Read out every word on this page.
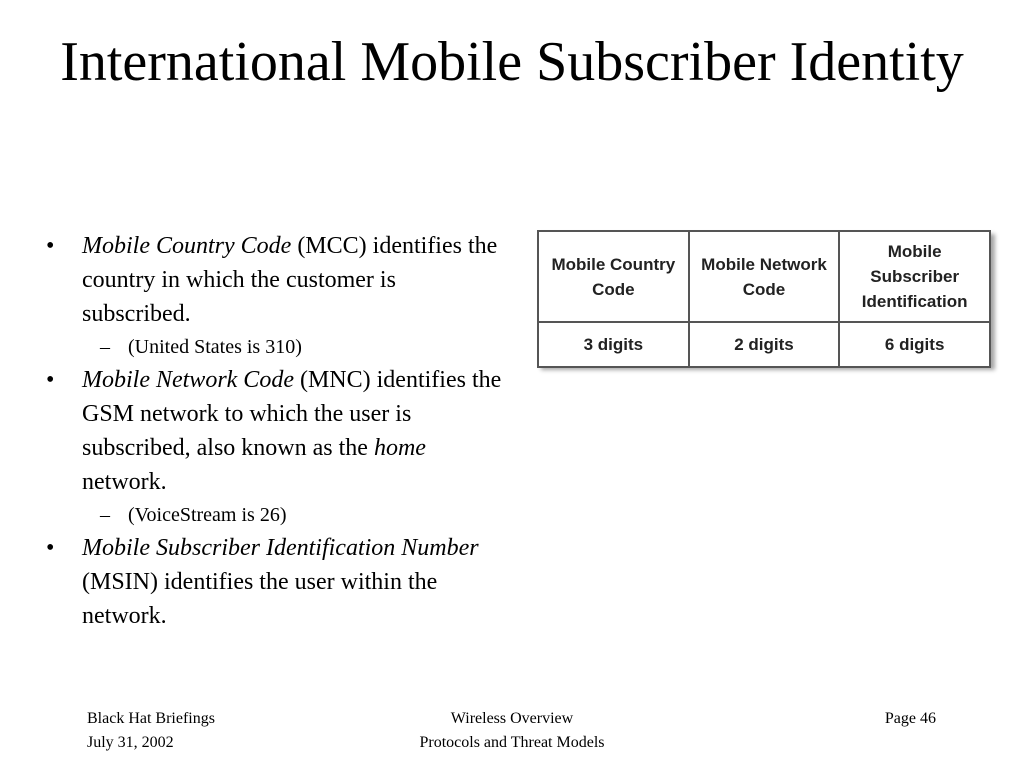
International Mobile Subscriber Identity
• Mobile Country Code (MCC) identifies the country in which the customer is subscribed.
– (United States is 310)
• Mobile Network Code (MNC) identifies the GSM network to which the user is subscribed, also known as the home network.
– (VoiceStream is 26)
• Mobile Subscriber Identification Number (MSIN) identifies the user within the network.
Mobile Country Code	Mobile Network Code	Mobile Subscriber Identification
3 digits	2 digits	6 digits
Black Hat Briefings
July 31, 2002
Wireless Overview
Protocols and Threat Models
Page 46
